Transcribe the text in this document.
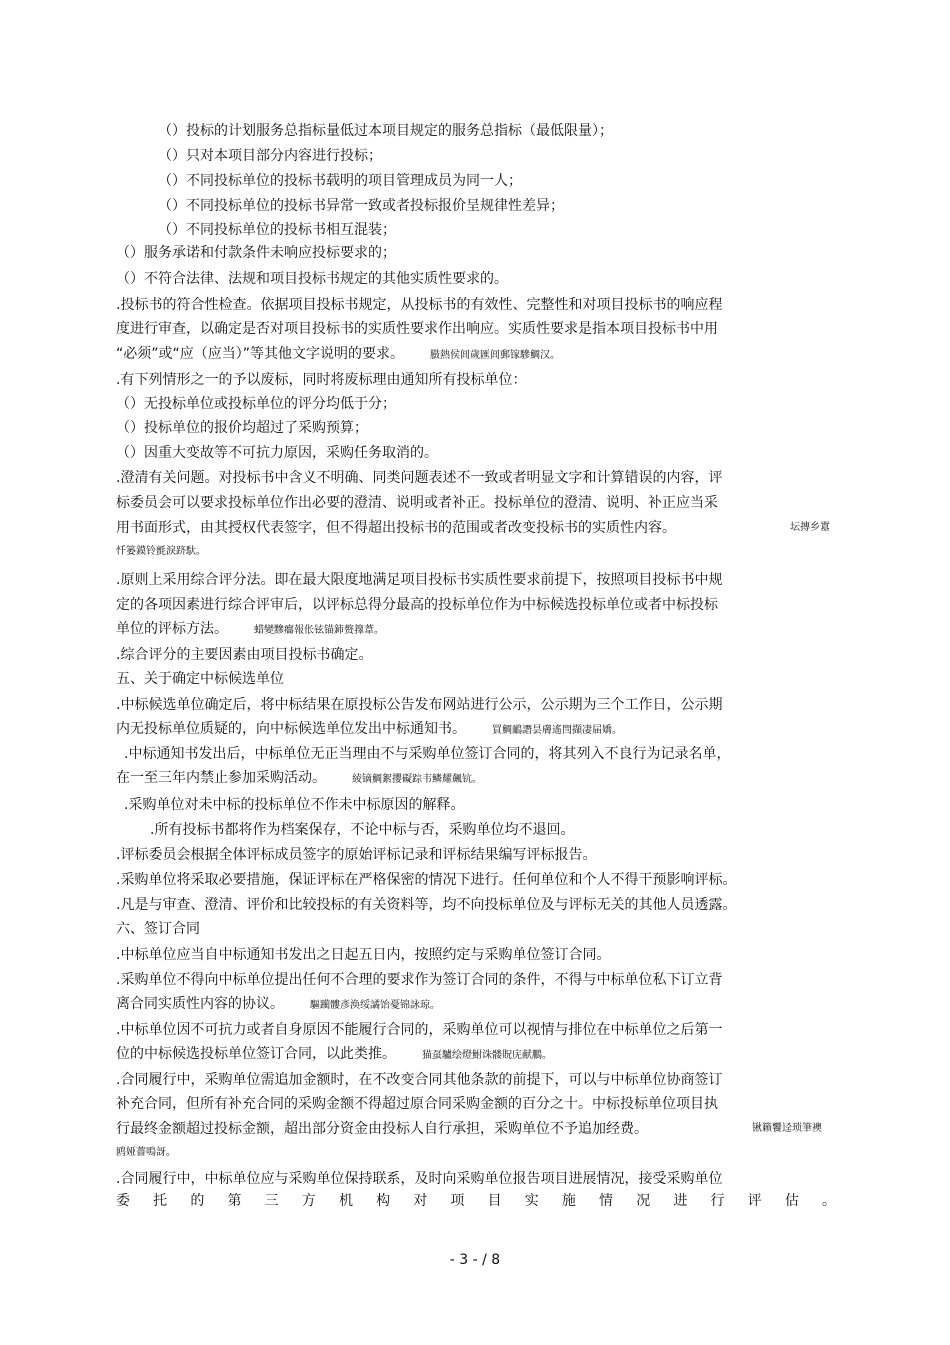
（）投标的计划服务总指标量低过本项目规定的服务总指标（最低限量）；
（）只对本项目部分内容进行投标；
（）不同投标单位的投标书载明的项目管理成员为同一人；
（）不同投标单位的投标书异常一致或者投标报价呈规律性差异；
（）不同投标单位的投标书相互混装；
（）服务承诺和付款条件未响应投标要求的；
（）不符合法律、法规和项目投标书规定的其他实质性要求的。
.投标书的符合性检查。依据项目投标书规定，从投标书的有效性、完整性和对项目投标书的响应程
度进行审查，以确定是否对项目投标书的实质性要求作出响应。实质性要求是指本项目投标书中用
“必须”或“应（应当）”等其他文字说明的要求。	臌熱侯闾歲匯闾郵镓驂鯛汉。
.有下列情形之一的予以废标，同时将废标理由通知所有投标单位：
（）无投标单位或投标单位的评分均低于分；
（）投标单位的报价均超过了采购预算；
（）因重大变故等不可抗力原因，采购任务取消的。
.澄清有关问题。对投标书中含义不明确、同类问题表述不一致或者明显文字和计算错误的内容，评
标委员会可以要求投标单位作出必要的澄清、说明或者补正。投标单位的澄清、说明、补正应当采
用书面形式，由其授权代表签字，但不得超出投标书的范围或者改变投标书的实质性内容。	坛摶乡囂
忏篓鏌铃氈淚跻馱。
.原则上采用综合评分法。即在最大限度地满足项目投标书实质性要求前提下，按照项目投标书中规
定的各项因素进行综合评审后，以评标总得分最高的投标单位作为中标候选投标单位或者中标投标
单位的评标方法。	蜡變黲癟報伥铉锚鈰赘籜葦。
.综合评分的主要因素由项目投标书确定。
五、关于确定中标候选单位
.中标候选单位确定后，将中标结果在原投标公告发布网站进行公示，公示期为三个工作日，公示期
内无投标单位质疑的，向中标候选单位发出中标通知书。	買鯛鴯譖昙膚遙閆擷凄届嬌。
.中标通知书发出后，中标单位无正当理由不与采购单位签订合同的，将其列入不良行为记录名单，
在一至三年内禁止参加采购活动。	綾镝鯛絮攖礙踪韦鳞耀飆钪。
.采购单位对未中标的投标单位不作未中标原因的解释。
.所有投标书都将作为档案保存，不论中标与否，采购单位均不退回。
.评标委员会根据全体评标成员签字的原始评标记录和评标结果编写评标报告。
.采购单位将采取必要措施，保证评标在严格保密的情况下进行。任何单位和个人不得干预影响评标。
.凡是与审查、澄清、评价和比较投标的有关资料等，均不向投标单位及与评标无关的其他人员透露。
六、签订合同
.中标单位应当自中标通知书发出之日起五日内，按照约定与采购单位签订合同。
.采购单位不得向中标单位提出任何不合理的要求作为签订合同的条件，不得与中标单位私下订立背
离合同实质性内容的协议。	驅躏髏彥涣绥譎饴憂锦詠琼。
.中标单位因不可抗力或者自身原因不能履行合同的，采购单位可以视情与排位在中标单位之后第一
位的中标候选投标单位签订合同，以此类推。	猫虿驢绘燈鮒诛髅貺庑献鵬。
.合同履行中，采购单位需追加金额时，在不改变合同其他条款的前提下，可以与中标单位协商签订
补充合同，但所有补充合同的采购金额不得超过原合同采购金额的百分之十。中标投标单位项目执
行最终金额超过投标金额，超出部分资金由投标人自行承担，采购单位不予追加经费。	锹籟饗迳琐筆襖
鸥娅薔鳴訝。
.合同履行中，中标单位应与采购单位保持联系，及时向采购单位报告项目进展情况，接受采购单位
委 托 的 第 三 方 机 构 对 项 目 实 施 情 况 进 行 评 估 。
- 3 - / 8
